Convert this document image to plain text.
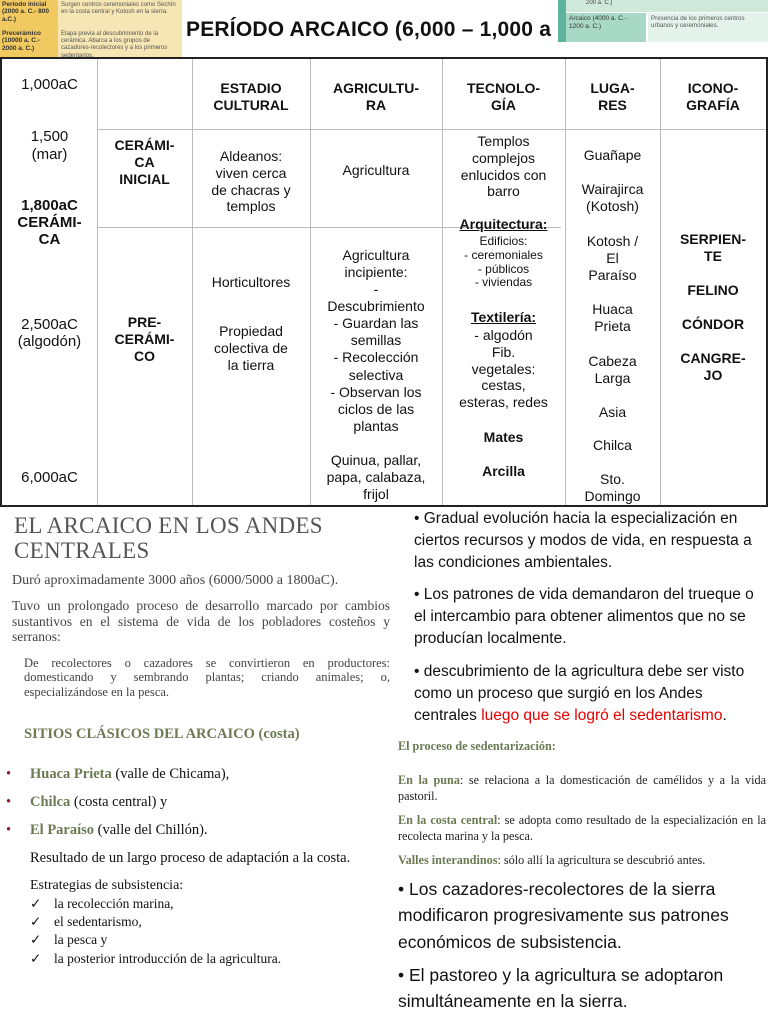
Período inicial (2000 a. C.- 800 a.C.)
Surgen centros ceremoniales como Sechín en la costa central y Kotosh en la sierra.
Precerámico (10000 a. C.- 2000 a. C.)
Etapa previa al descubrimiento de la cerámica. Abarca a los grupos de cazadores-recolectores y a los primeros sedentarios.
PERÍODO ARCAICO (6,000 – 1,000 a
200 a. C.)
Arcaico (4000 a. C.- 1200 a. C.)
Presencia de los primeros centros urbanos y ceremoniales.
1,000aC
1,500
(mar)
1,800aC
CERÁMI-
CA
2,500aC
(algodón)
6,000aC
CERÁMI-
CA
INICIAL
PRE-
CERÁMI-
CO
ESTADIO
CULTURAL
AGRICULTU-
RA
TECNOLO-
GÍA
LUGA-
RES
ICONO-
GRAFÍA
Aldeanos:
viven cerca
de chacras y
templos
Horticultores
Propiedad
colectiva de
la tierra
Agricultura
Agricultura
incipiente:
-
Descubrimiento
- Guardan las
semillas
- Recolección
selectiva
- Observan los
ciclos de las
plantas
Quinua, pallar,
papa, calabaza,
frijol
Templos
complejos
enlucidos con
barro
Arquitectura:
Edificios:
- ceremoniales
- públicos
- viviendas
Textilería:
- algodón
Fib.
vegetales:
cestas,
esteras, redes
Mates
Arcilla
Guañape
Wairajirca
(Kotosh)
Kotosh /
El
Paraíso
Huaca
Prieta
Cabeza
Larga
Asia
Chilca
Sto.
Domingo
SERPIEN-
TE
FELINO
CÓNDOR
CANGRE-
JO
EL ARCAICO EN LOS ANDES
CENTRALES
Duró aproximadamente 3000 años (6000/5000 a 1800aC).
Tuvo un prolongado proceso de desarrollo marcado por cambios sustantivos en el sistema de vida de los pobladores costeños y serranos:
De recolectores o cazadores se convirtieron en productores: domesticando y sembrando plantas; criando animales; o, especializándose en la pesca.
SITIOS CLÁSICOS DEL ARCAICO (costa)
• Huaca Prieta (valle de Chicama),
• Chilca (costa central) y
• El Paraíso (valle del Chillón).
Resultado de un largo proceso de adaptación a la costa.
Estrategias de subsistencia:
✓ la recolección marina,
✓ el sedentarismo,
✓ la pesca y
✓ la posterior introducción de la agricultura.
• Gradual evolución hacia la especialización en ciertos recursos y modos de vida, en respuesta a las condiciones ambientales.
• Los patrones de vida demandaron del trueque o el intercambio para obtener alimentos que no se producían localmente.
• descubrimiento de la agricultura debe ser visto como un proceso que surgió en los Andes centrales luego que se logró el sedentarismo.
El proceso de sedentarización:
En la puna: se relaciona a la domesticación de camélidos y a la vida pastoril.
En la costa central: se adopta como resultado de la especialización en la recolecta marina y la pesca.
Valles interandinos: sólo allí la agricultura se descubrió antes.
• Los cazadores-recolectores de la sierra modificaron progresivamente sus patrones económicos de subsistencia.
• El pastoreo y la agricultura se adoptaron simultáneamente en la sierra.
